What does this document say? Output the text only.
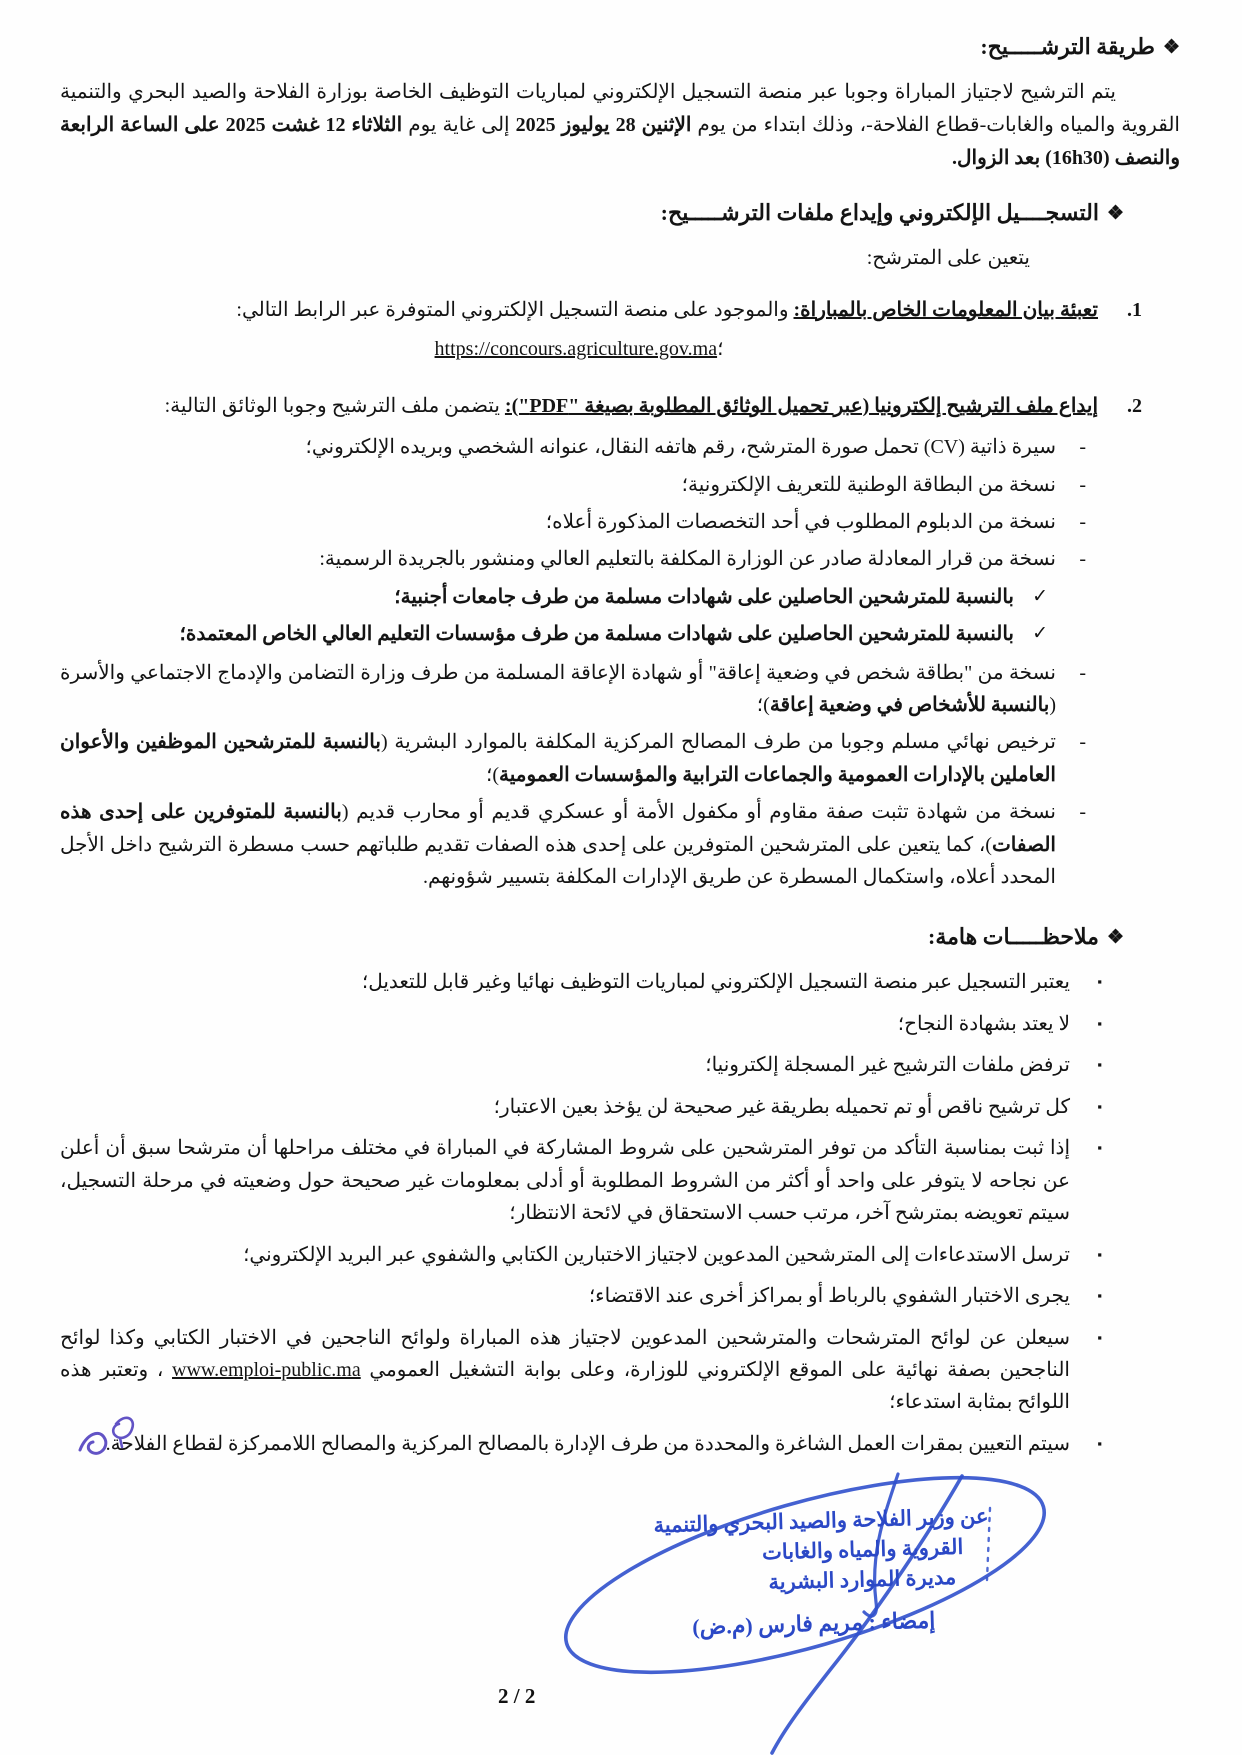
❖طريقة الترشـــــيح:

يتم الترشيح لاجتياز المباراة وجوبا عبر منصة التسجيل الإلكتروني لمباريات التوظيف الخاصة بوزارة الفلاحة والصيد البحري والتنمية القروية والمياه والغابات-قطاع الفلاحة-، وذلك ابتداء من يوم الإثنين 28 يوليوز 2025 إلى غاية يوم الثلاثاء 12 غشت 2025 على الساعة الرابعة والنصف (16h30) بعد الزوال.

❖التسجــــيل الإلكتروني وإيداع ملفات الترشـــــيح:
يتعين على المترشح:
1.
تعبئة بيان المعلومات الخاص بالمباراة: والموجود على منصة التسجيل الإلكتروني المتوفرة عبر الرابط التالي:
؛https://concours.agriculture.gov.ma
2.
إيداع ملف الترشيح إلكترونيا (عبر تحميل الوثائق المطلوبة بصيغة "PDF"): يتضمن ملف الترشيح وجوبا الوثائق التالية:
-
سيرة ذاتية (CV) تحمل صورة المترشح، رقم هاتفه النقال، عنوانه الشخصي وبريده الإلكتروني؛
-
نسخة من البطاقة الوطنية للتعريف الإلكترونية؛
-
نسخة من الدبلوم المطلوب في أحد التخصصات المذكورة أعلاه؛
-
نسخة من قرار المعادلة صادر عن الوزارة المكلفة بالتعليم العالي ومنشور بالجريدة الرسمية:
✓
بالنسبة للمترشحين الحاصلين على شهادات مسلمة من طرف جامعات أجنبية؛
✓
بالنسبة للمترشحين الحاصلين على شهادات مسلمة من طرف مؤسسات التعليم العالي الخاص المعتمدة؛
-
نسخة من "بطاقة شخص في وضعية إعاقة" أو شهادة الإعاقة المسلمة من طرف وزارة التضامن والإدماج الاجتماعي والأسرة (بالنسبة للأشخاص في وضعية إعاقة)؛
-
ترخيص نهائي مسلم وجوبا من طرف المصالح المركزية المكلفة بالموارد البشرية (بالنسبة للمترشحين الموظفين والأعوان العاملين بالإدارات العمومية والجماعات الترابية والمؤسسات العمومية)؛
-
نسخة من شهادة تثبت صفة مقاوم أو مكفول الأمة أو عسكري قديم أو محارب قديم (بالنسبة للمتوفرين على إحدى هذه الصفات)، كما يتعين على المترشحين المتوفرين على إحدى هذه الصفات تقديم طلباتهم حسب مسطرة الترشيح داخل الأجل المحدد أعلاه، واستكمال المسطرة عن طريق الإدارات المكلفة بتسيير شؤونهم.
❖ملاحظـــــات هامة:
▪
يعتبر التسجيل عبر منصة التسجيل الإلكتروني لمباريات التوظيف نهائيا وغير قابل للتعديل؛
▪
لا يعتد بشهادة النجاح؛
▪
ترفض ملفات الترشيح غير المسجلة إلكترونيا؛
▪
كل ترشيح ناقص أو تم تحميله بطريقة غير صحيحة لن يؤخذ بعين الاعتبار؛
▪
إذا ثبت بمناسبة التأكد من توفر المترشحين على شروط المشاركة في المباراة في مختلف مراحلها أن مترشحا سبق أن أعلن عن نجاحه لا يتوفر على واحد أو أكثر من الشروط المطلوبة أو أدلى بمعلومات غير صحيحة حول وضعيته في مرحلة التسجيل، سيتم تعويضه بمترشح آخر، مرتب حسب الاستحقاق في لائحة الانتظار؛
▪
ترسل الاستدعاءات إلى المترشحين المدعوين لاجتياز الاختبارين الكتابي والشفوي عبر البريد الإلكتروني؛
▪
يجرى الاختبار الشفوي بالرباط أو بمراكز أخرى عند الاقتضاء؛
▪
سيعلن عن لوائح المترشحات والمترشحين المدعوين لاجتياز هذه المباراة ولوائح الناجحين في الاختبار الكتابي وكذا لوائح الناجحين بصفة نهائية على الموقع الإلكتروني للوزارة، وعلى بوابة التشغيل العمومي www.emploi-public.ma ، وتعتبر هذه اللوائح بمثابة استدعاء؛
▪
سيتم التعيين بمقرات العمل الشاغرة والمحددة من طرف الإدارة بالمصالح المركزية والمصالح اللاممركزة لقطاع الفلاحة.
عن وزير الفلاحة والصيد البحري والتنمية
القروية والمياه والغابات
مديرة الموارد البشرية
إمضاء : مريم فارس (م.ض)
2 / 2
